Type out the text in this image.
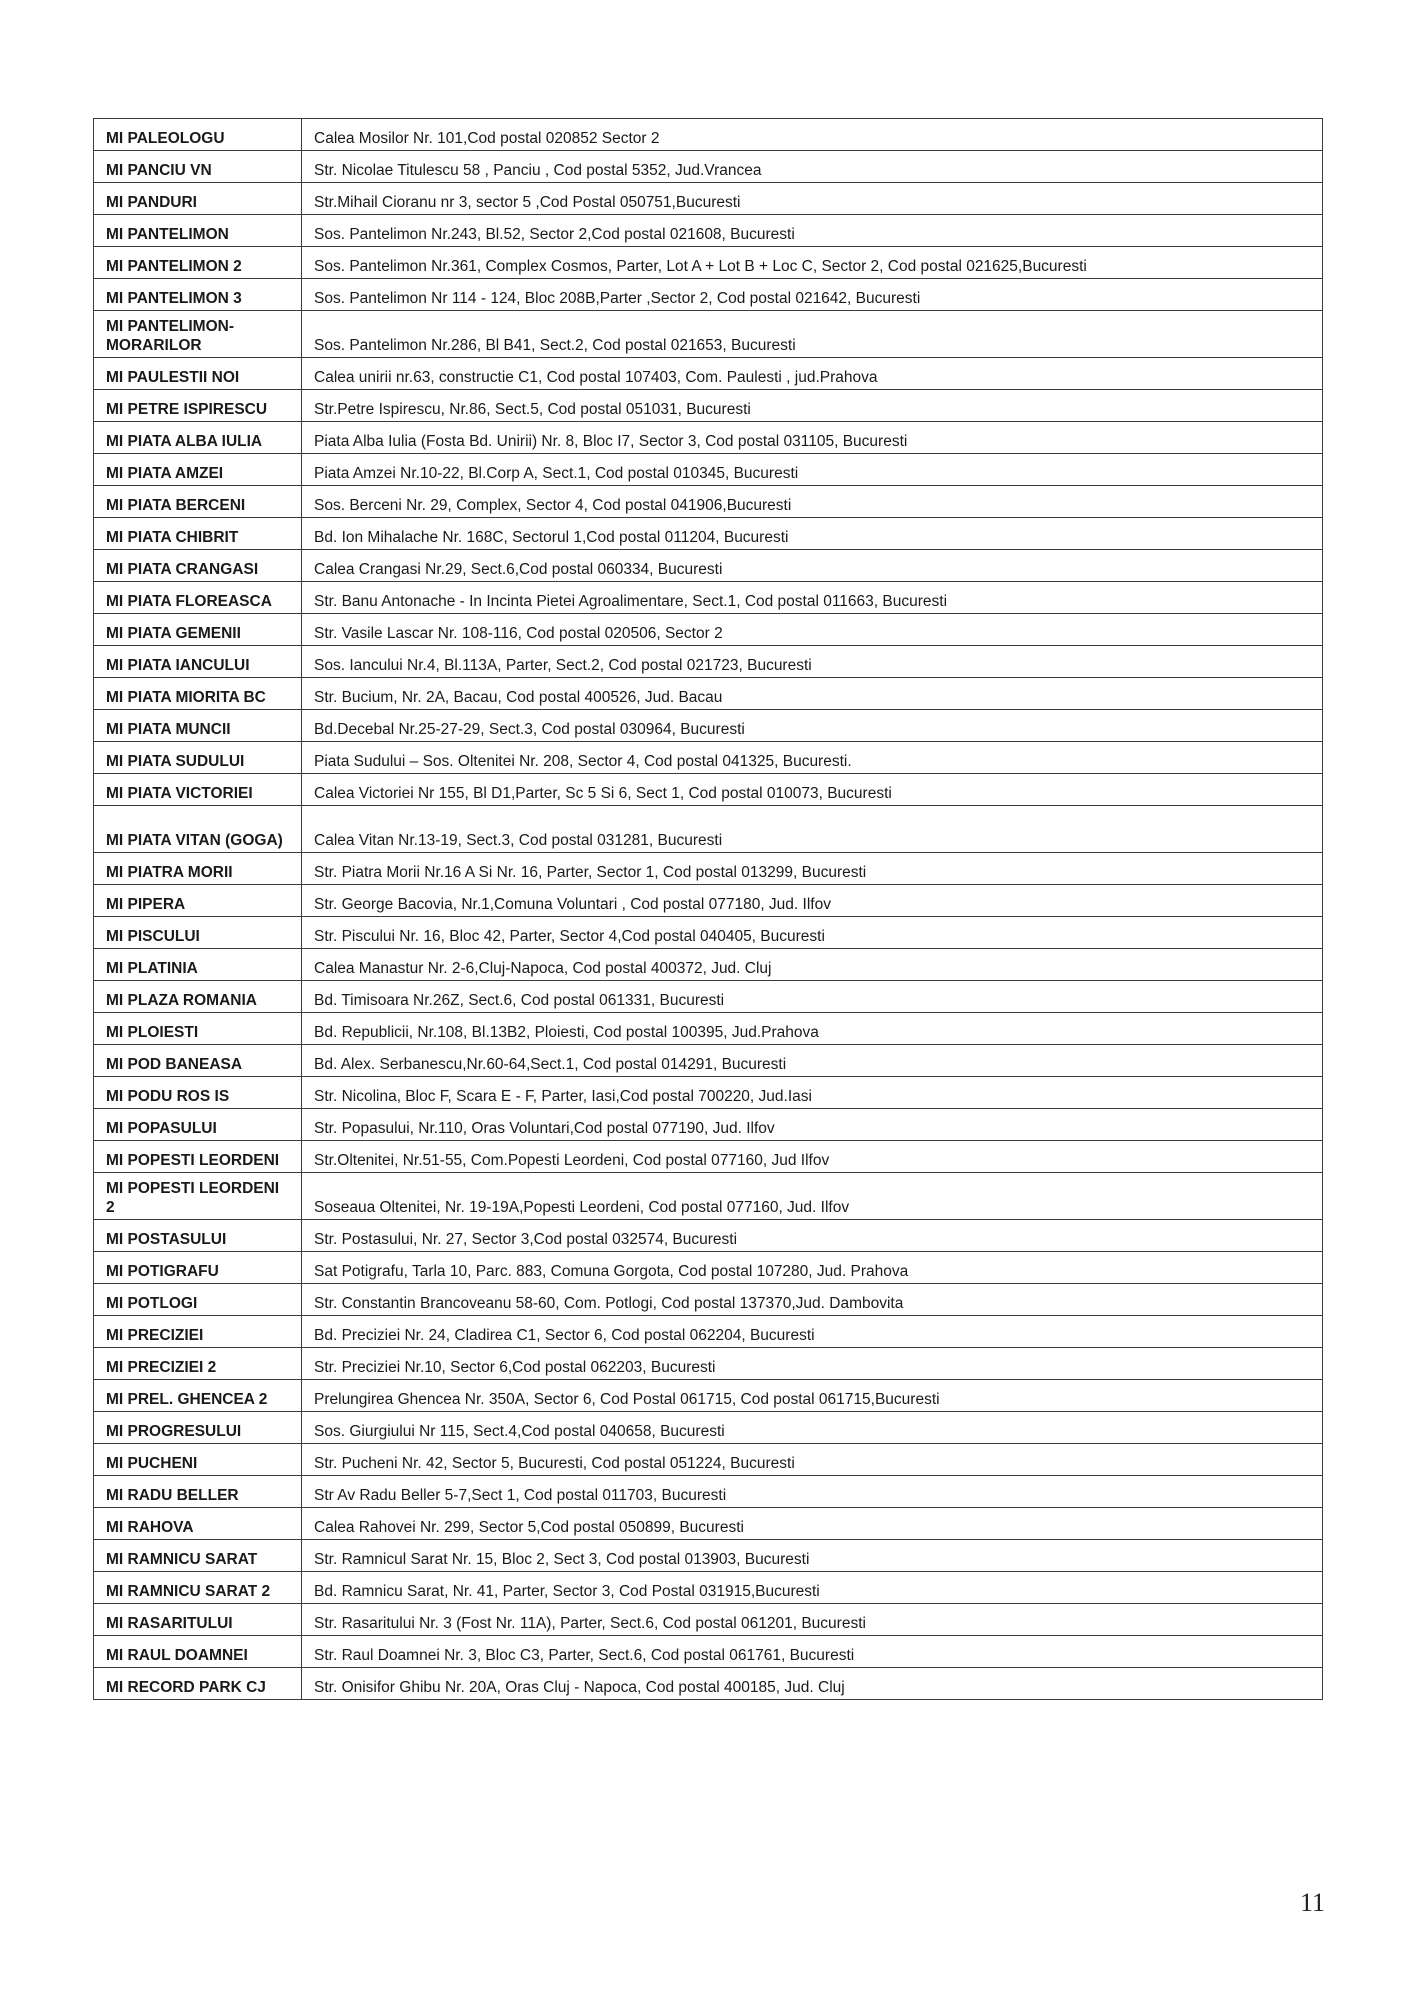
MI PALEOLOGU	Calea Mosilor Nr. 101,Cod postal 020852 Sector 2
MI PANCIU VN	Str. Nicolae Titulescu 58 , Panciu , Cod postal 5352, Jud.Vrancea
MI PANDURI	Str.Mihail Cioranu nr 3, sector 5 ,Cod Postal 050751,Bucuresti
MI PANTELIMON	Sos. Pantelimon Nr.243, Bl.52, Sector 2,Cod postal 021608, Bucuresti
MI PANTELIMON 2	Sos. Pantelimon Nr.361, Complex Cosmos, Parter, Lot A + Lot B + Loc C, Sector 2, Cod postal 021625,Bucuresti
MI PANTELIMON 3	Sos. Pantelimon Nr 114 - 124, Bloc 208B,Parter ,Sector 2, Cod postal 021642, Bucuresti
MI PANTELIMON-MORARILOR	Sos. Pantelimon Nr.286, Bl B41, Sect.2, Cod postal 021653, Bucuresti
MI PAULESTII NOI	Calea unirii nr.63, constructie C1, Cod postal 107403, Com. Paulesti , jud.Prahova
MI PETRE ISPIRESCU	Str.Petre Ispirescu, Nr.86, Sect.5, Cod postal 051031, Bucuresti
MI PIATA ALBA IULIA	Piata Alba Iulia (Fosta Bd. Unirii) Nr. 8, Bloc I7, Sector 3, Cod postal 031105, Bucuresti
MI PIATA AMZEI	Piata Amzei Nr.10-22, Bl.Corp A, Sect.1, Cod postal 010345, Bucuresti
MI PIATA BERCENI	Sos. Berceni Nr. 29, Complex, Sector 4, Cod postal 041906,Bucuresti
MI PIATA CHIBRIT	Bd. Ion Mihalache Nr. 168C, Sectorul 1,Cod postal 011204, Bucuresti
MI PIATA CRANGASI	Calea Crangasi Nr.29, Sect.6,Cod postal 060334, Bucuresti
MI PIATA FLOREASCA	Str. Banu Antonache - In Incinta Pietei Agroalimentare, Sect.1, Cod postal 011663, Bucuresti
MI PIATA GEMENII	Str. Vasile Lascar Nr. 108-116, Cod postal 020506, Sector 2
MI PIATA IANCULUI	Sos. Iancului Nr.4, Bl.113A, Parter, Sect.2, Cod postal 021723, Bucuresti
MI PIATA MIORITA BC	Str. Bucium, Nr. 2A, Bacau, Cod postal 400526, Jud. Bacau
MI PIATA MUNCII	Bd.Decebal Nr.25-27-29, Sect.3, Cod postal 030964, Bucuresti
MI PIATA SUDULUI	Piata Sudului – Sos. Oltenitei Nr. 208, Sector 4, Cod postal 041325, Bucuresti.
MI PIATA VICTORIEI	Calea Victoriei Nr 155, Bl D1,Parter, Sc 5 Si 6, Sect 1, Cod postal 010073, Bucuresti
MI PIATA VITAN (GOGA)	Calea Vitan Nr.13-19, Sect.3, Cod postal 031281, Bucuresti
MI PIATRA MORII	Str. Piatra Morii Nr.16 A Si Nr. 16, Parter, Sector 1, Cod postal 013299, Bucuresti
MI PIPERA	Str. George Bacovia, Nr.1,Comuna Voluntari , Cod postal 077180, Jud. Ilfov
MI PISCULUI	Str. Piscului Nr. 16, Bloc 42, Parter, Sector 4,Cod postal 040405, Bucuresti
MI PLATINIA	Calea Manastur Nr. 2-6,Cluj-Napoca, Cod postal 400372, Jud. Cluj
MI PLAZA ROMANIA	Bd. Timisoara Nr.26Z, Sect.6, Cod postal 061331, Bucuresti
MI PLOIESTI	Bd. Republicii, Nr.108, Bl.13B2, Ploiesti, Cod postal 100395, Jud.Prahova
MI POD BANEASA	Bd. Alex. Serbanescu,Nr.60-64,Sect.1, Cod postal 014291, Bucuresti
MI PODU ROS IS	Str. Nicolina, Bloc F, Scara E - F, Parter, Iasi,Cod postal 700220, Jud.Iasi
MI POPASULUI	Str. Popasului, Nr.110, Oras Voluntari,Cod postal 077190, Jud. Ilfov
MI POPESTI LEORDENI	Str.Oltenitei, Nr.51-55, Com.Popesti Leordeni, Cod postal 077160, Jud Ilfov
MI POPESTI LEORDENI 2	Soseaua Oltenitei, Nr. 19-19A,Popesti Leordeni, Cod postal 077160, Jud. Ilfov
MI POSTASULUI	Str. Postasului, Nr. 27, Sector 3,Cod postal 032574, Bucuresti
MI POTIGRAFU	Sat Potigrafu, Tarla 10, Parc. 883, Comuna Gorgota, Cod postal 107280, Jud. Prahova
MI POTLOGI	Str. Constantin Brancoveanu 58-60, Com. Potlogi, Cod postal 137370,Jud. Dambovita
MI PRECIZIEI	Bd. Preciziei Nr. 24, Cladirea C1, Sector 6, Cod postal 062204, Bucuresti
MI PRECIZIEI 2	Str. Preciziei Nr.10, Sector 6,Cod postal 062203, Bucuresti
MI PREL. GHENCEA 2	Prelungirea Ghencea Nr. 350A, Sector 6, Cod Postal 061715, Cod postal 061715,Bucuresti
MI PROGRESULUI	Sos. Giurgiului Nr 115, Sect.4,Cod postal 040658, Bucuresti
MI PUCHENI	Str. Pucheni Nr. 42, Sector 5, Bucuresti, Cod postal 051224, Bucuresti
MI RADU BELLER	Str Av Radu Beller 5-7,Sect 1, Cod postal 011703, Bucuresti
MI RAHOVA	Calea Rahovei Nr. 299, Sector 5,Cod postal 050899, Bucuresti
MI RAMNICU SARAT	Str. Ramnicul Sarat Nr. 15, Bloc 2, Sect 3, Cod postal 013903, Bucuresti
MI RAMNICU SARAT 2	Bd. Ramnicu Sarat, Nr. 41, Parter, Sector 3, Cod Postal 031915,Bucuresti
MI RASARITULUI	Str. Rasaritului Nr. 3 (Fost Nr. 11A), Parter, Sect.6, Cod postal 061201, Bucuresti
MI RAUL DOAMNEI	Str. Raul Doamnei Nr. 3, Bloc C3, Parter, Sect.6, Cod postal 061761, Bucuresti
MI RECORD PARK CJ	Str. Onisifor Ghibu Nr. 20A, Oras Cluj - Napoca, Cod postal 400185, Jud. Cluj
11
